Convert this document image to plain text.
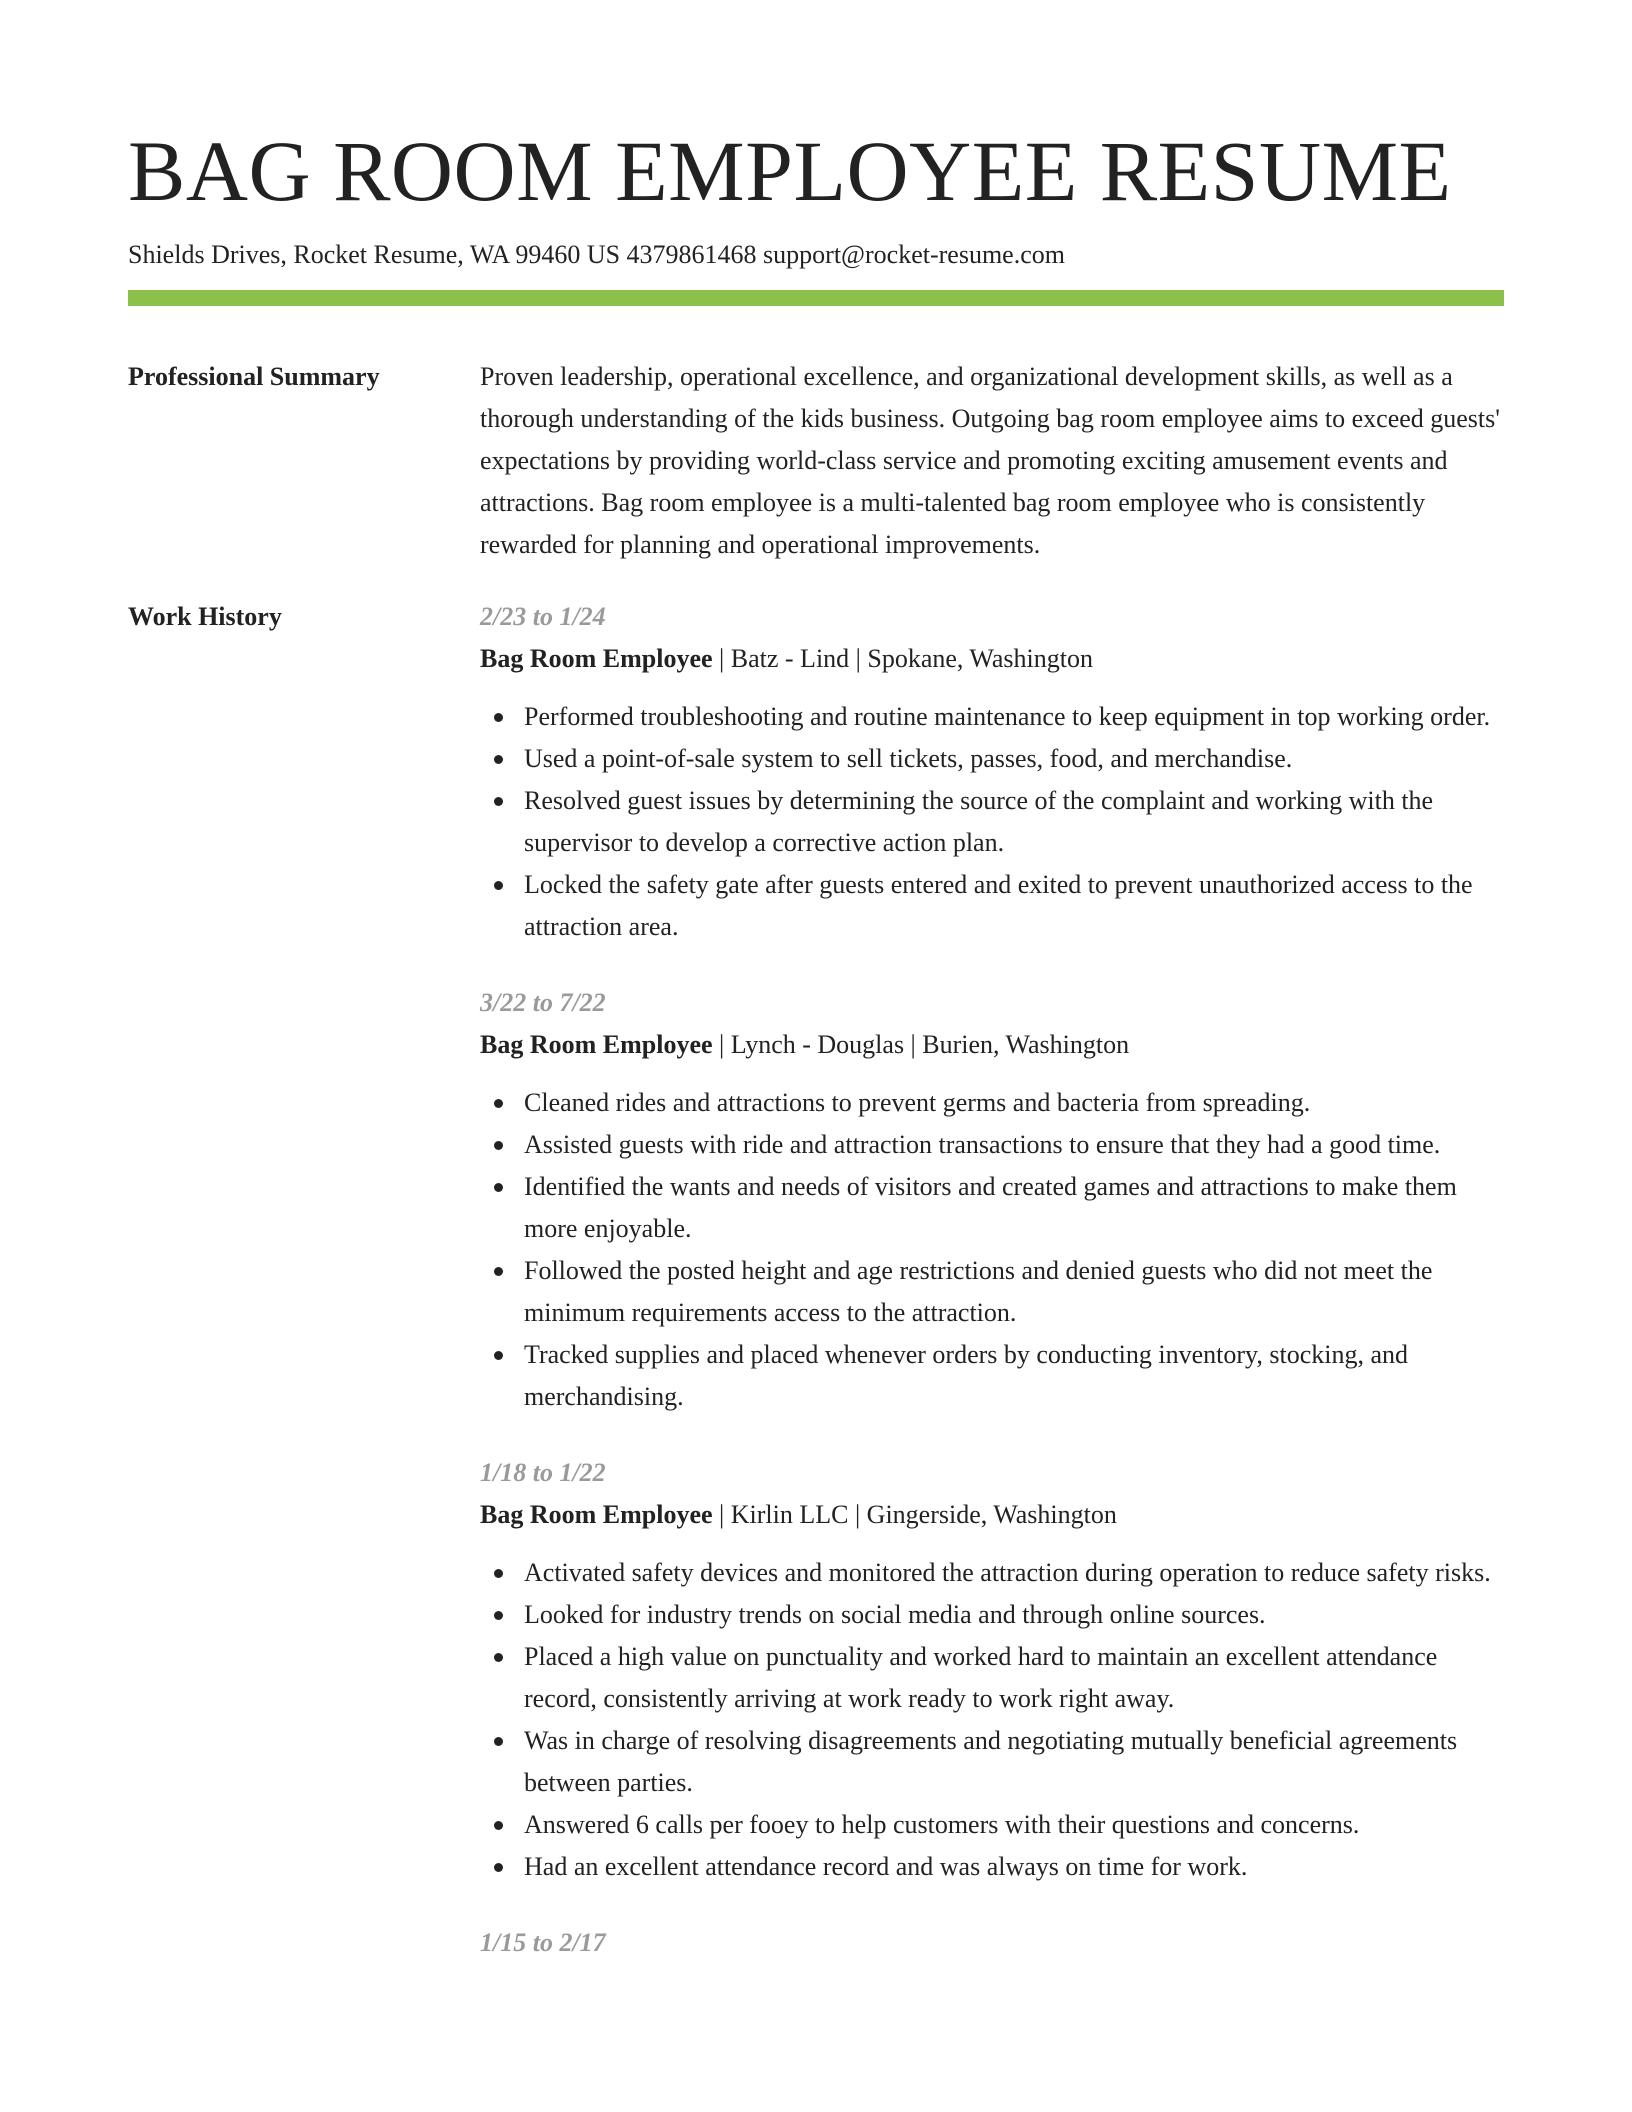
BAG ROOM EMPLOYEE RESUME
Shields Drives, Rocket Resume, WA 99460 US 4379861468 support@rocket-resume.com
Professional Summary	Proven leadership, operational excellence, and organizational development skills, as well as a thorough understanding of the kids business. Outgoing bag room employee aims to exceed guests' expectations by providing world-class service and promoting exciting amusement events and attractions. Bag room employee is a multi-talented bag room employee who is consistently rewarded for planning and operational improvements.

Work History	2/23 to 1/24
Bag Room Employee | Batz - Lind | Spokane, Washington
Performed troubleshooting and routine maintenance to keep equipment in top working order.
Used a point-of-sale system to sell tickets, passes, food, and merchandise.
Resolved guest issues by determining the source of the complaint and working with the supervisor to develop a corrective action plan.
Locked the safety gate after guests entered and exited to prevent unauthorized access to the attraction area.
3/22 to 7/22
Bag Room Employee | Lynch - Douglas | Burien, Washington
Cleaned rides and attractions to prevent germs and bacteria from spreading.
Assisted guests with ride and attraction transactions to ensure that they had a good time.
Identified the wants and needs of visitors and created games and attractions to make them more enjoyable.
Followed the posted height and age restrictions and denied guests who did not meet the minimum requirements access to the attraction.
Tracked supplies and placed whenever orders by conducting inventory, stocking, and merchandising.
1/18 to 1/22
Bag Room Employee | Kirlin LLC | Gingerside, Washington
Activated safety devices and monitored the attraction during operation to reduce safety risks.
Looked for industry trends on social media and through online sources.
Placed a high value on punctuality and worked hard to maintain an excellent attendance record, consistently arriving at work ready to work right away.
Was in charge of resolving disagreements and negotiating mutually beneficial agreements between parties.
Answered 6 calls per fooey to help customers with their questions and concerns.
Had an excellent attendance record and was always on time for work.
1/15 to 2/17
